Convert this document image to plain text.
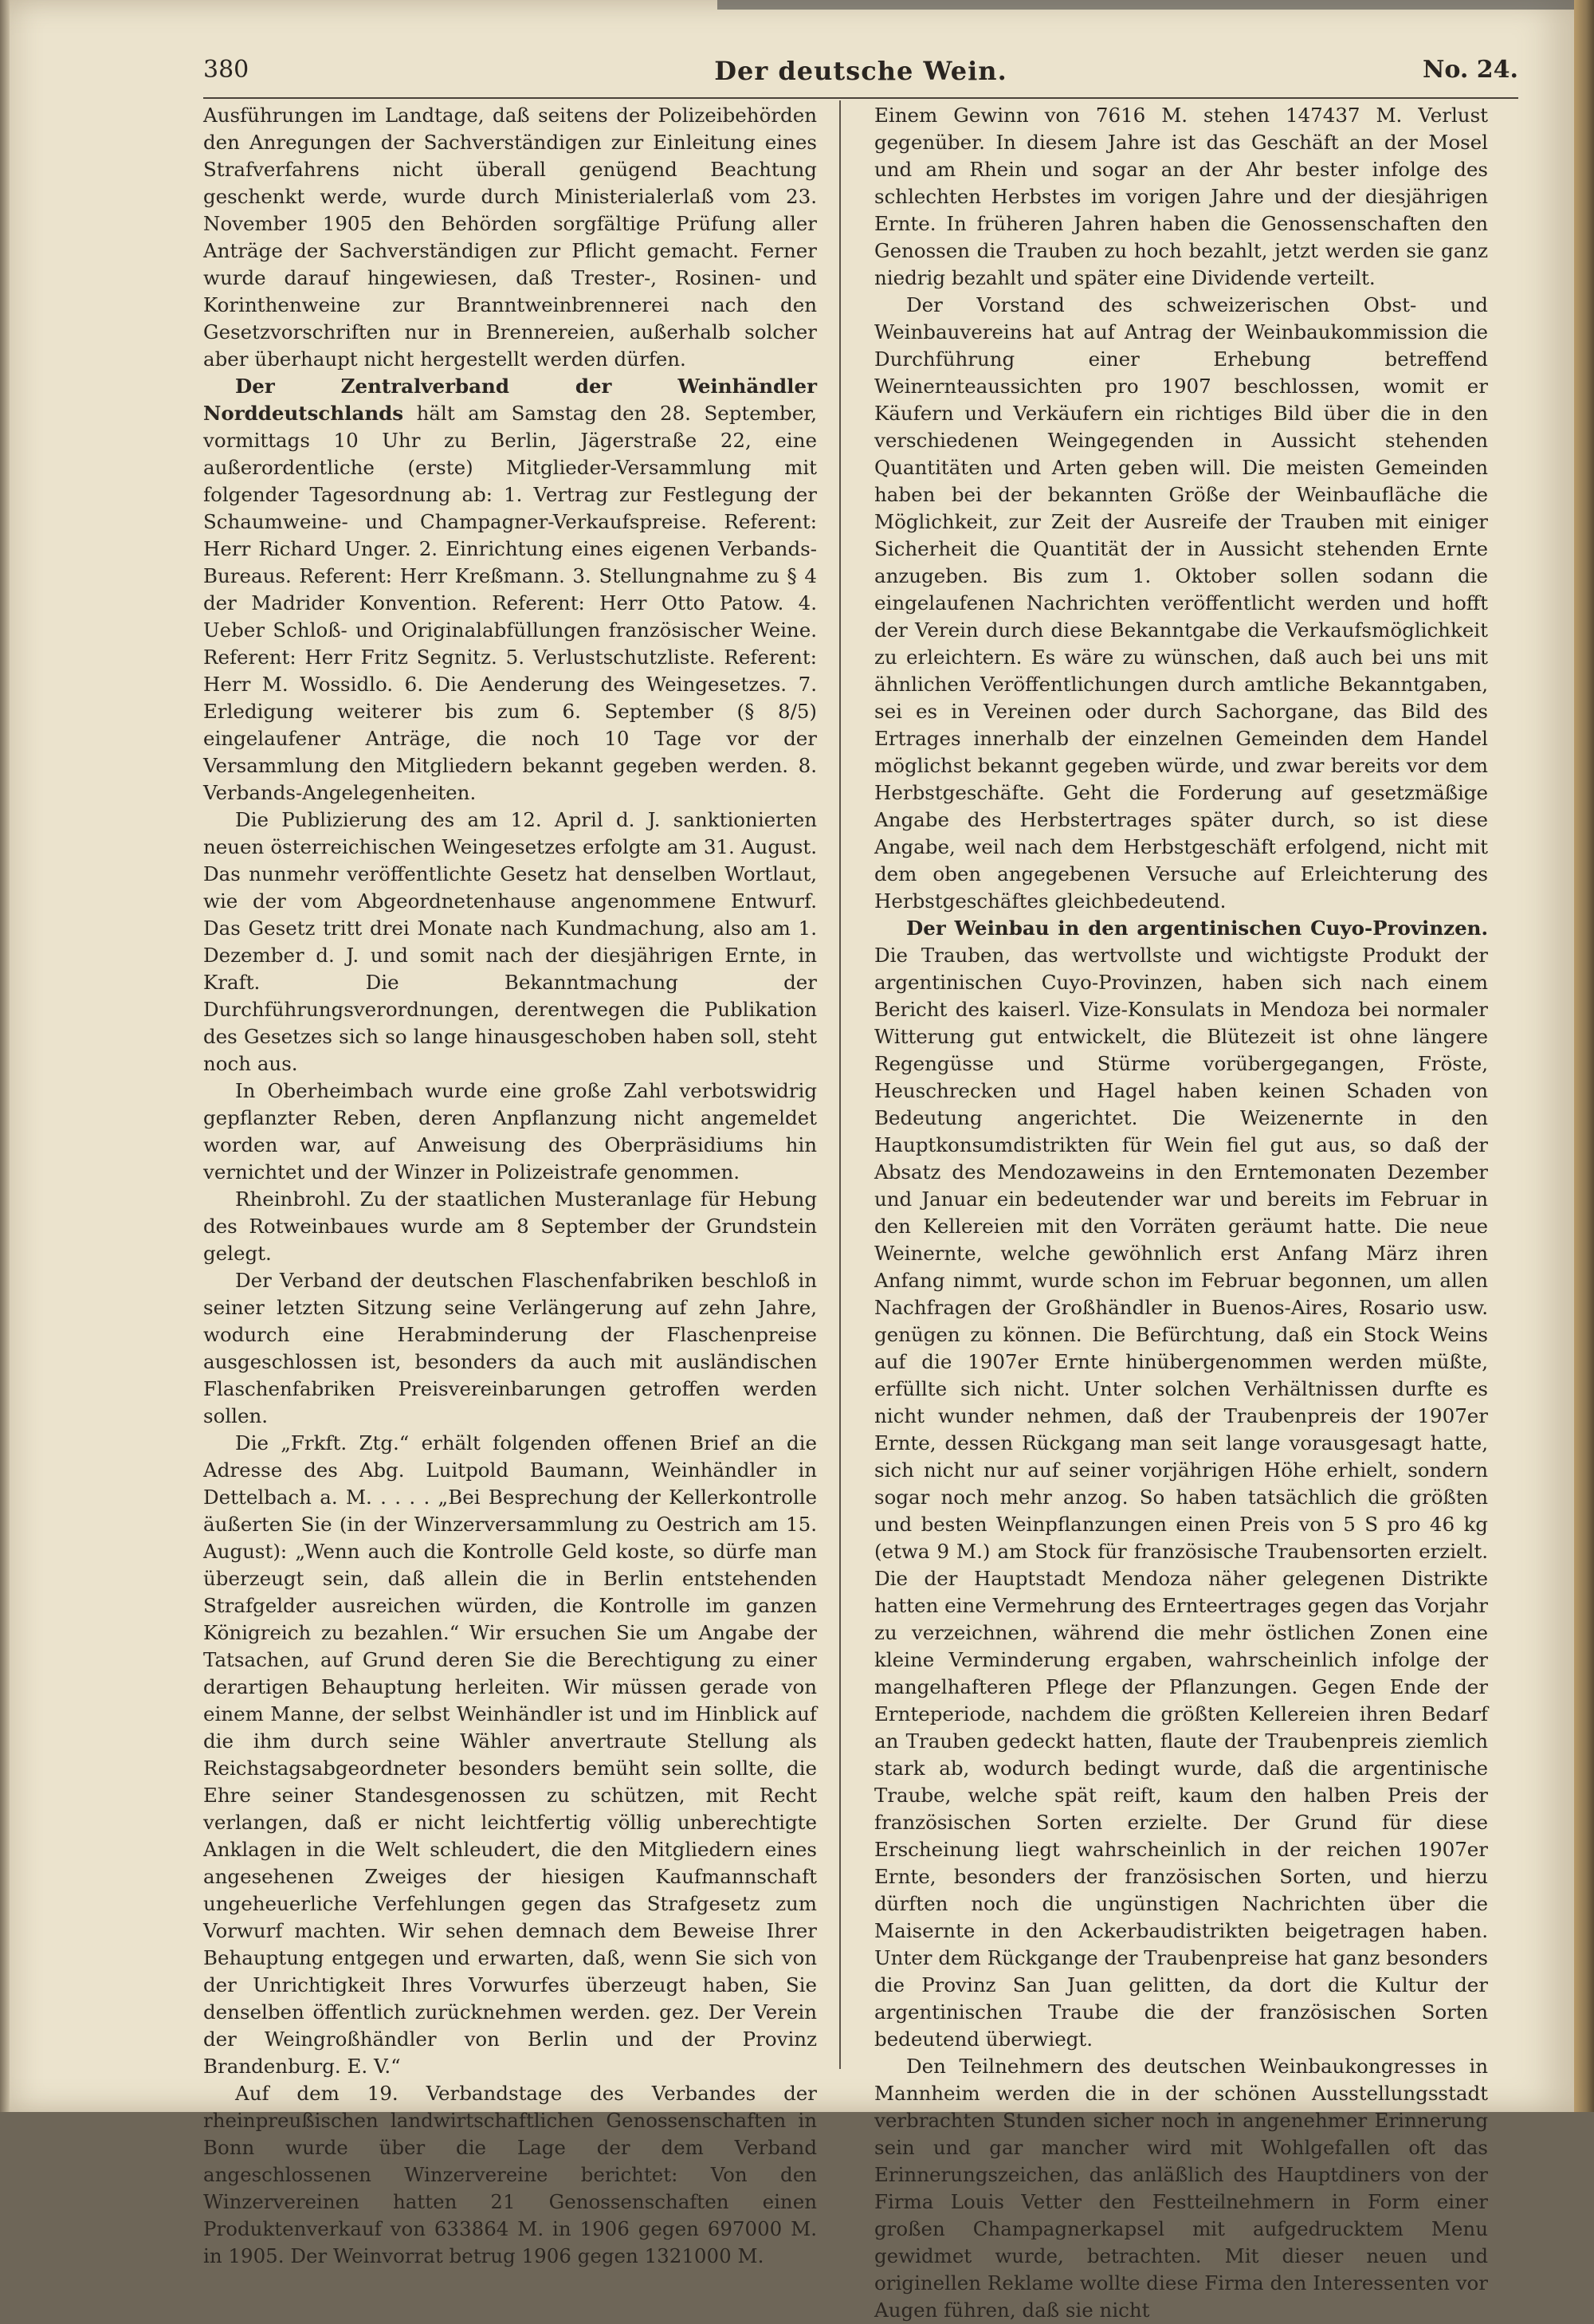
380	Der deutsche Wein.	No. 24.

Ausführungen im Landtage, daß seitens der Polizeibehörden den Anregungen der Sachverständigen zur Einleitung eines Strafverfahrens nicht überall genügend Beachtung geschenkt werde, wurde durch Ministerialerlaß vom 23. November 1905 den Behörden sorgfältige Prüfung aller Anträge der Sachverständigen zur Pflicht gemacht. Ferner wurde darauf hingewiesen, daß Trester-, Rosinen- und Korinthenweine zur Branntweinbrennerei nach den Gesetzvorschriften nur in Brennereien, außerhalb solcher aber überhaupt nicht hergestellt werden dürfen.

Der Zentralverband der Weinhändler Norddeutschlands hält am Samstag den 28. September, vormittags 10 Uhr zu Berlin, Jägerstraße 22, eine außerordentliche (erste) Mitglieder-Versammlung mit folgender Tagesordnung ab: 1. Vertrag zur Festlegung der Schaumweine- und Champagner-Verkaufspreise. Referent: Herr Richard Unger. 2. Einrichtung eines eigenen Verbands-Bureaus. Referent: Herr Kreßmann. 3. Stellungnahme zu § 4 der Madrider Konvention. Referent: Herr Otto Patow. 4. Ueber Schloß- und Originalabfüllungen französischer Weine. Referent: Herr Fritz Segnitz. 5. Verlustschutzliste. Referent: Herr M. Wossidlo. 6. Die Aenderung des Weingesetzes. 7. Erledigung weiterer bis zum 6. September (§ 8/5) eingelaufener Anträge, die noch 10 Tage vor der Versammlung den Mitgliedern bekannt gegeben werden. 8. Verbands-Angelegenheiten.

Die Publizierung des am 12. April d. J. sanktionierten neuen österreichischen Weingesetzes erfolgte am 31. August. Das nunmehr veröffentlichte Gesetz hat denselben Wortlaut, wie der vom Abgeordnetenhause angenommene Entwurf. Das Gesetz tritt drei Monate nach Kundmachung, also am 1. Dezember d. J. und somit nach der diesjährigen Ernte, in Kraft. Die Bekanntmachung der Durchführungsverordnungen, derentwegen die Publikation des Gesetzes sich so lange hinausgeschoben haben soll, steht noch aus.

In Oberheimbach wurde eine große Zahl verbotswidrig gepflanzter Reben, deren Anpflanzung nicht angemeldet worden war, auf Anweisung des Oberpräsidiums hin vernichtet und der Winzer in Polizeistrafe genommen.

Rheinbrohl. Zu der staatlichen Musteranlage für Hebung des Rotweinbaues wurde am 8 September der Grundstein gelegt.

Der Verband der deutschen Flaschenfabriken beschloß in seiner letzten Sitzung seine Verlängerung auf zehn Jahre, wodurch eine Herabminderung der Flaschenpreise ausgeschlossen ist, besonders da auch mit ausländischen Flaschenfabriken Preisvereinbarungen getroffen werden sollen.

Die „Frkft. Ztg.“ erhält folgenden offenen Brief an die Adresse des Abg. Luitpold Baumann, Weinhändler in Dettelbach a. M. . . . . „Bei Besprechung der Kellerkontrolle äußerten Sie (in der Winzerversammlung zu Oestrich am 15. August): „Wenn auch die Kontrolle Geld koste, so dürfe man überzeugt sein, daß allein die in Berlin entstehenden Strafgelder ausreichen würden, die Kontrolle im ganzen Königreich zu bezahlen.“ Wir ersuchen Sie um Angabe der Tatsachen, auf Grund deren Sie die Berechtigung zu einer derartigen Behauptung herleiten. Wir müssen gerade von einem Manne, der selbst Weinhändler ist und im Hinblick auf die ihm durch seine Wähler anvertraute Stellung als Reichstagsabgeordneter besonders bemüht sein sollte, die Ehre seiner Standesgenossen zu schützen, mit Recht verlangen, daß er nicht leichtfertig völlig unberechtigte Anklagen in die Welt schleudert, die den Mitgliedern eines angesehenen Zweiges der hiesigen Kaufmannschaft ungeheuerliche Verfehlungen gegen das Strafgesetz zum Vorwurf machten. Wir sehen demnach dem Beweise Ihrer Behauptung entgegen und erwarten, daß, wenn Sie sich von der Unrichtigkeit Ihres Vorwurfes überzeugt haben, Sie denselben öffentlich zurücknehmen werden. gez. Der Verein der Weingroßhändler von Berlin und der Provinz Brandenburg. E. V.“

Auf dem 19. Verbandstage des Verbandes der rheinpreußischen landwirtschaftlichen Genossenschaften in Bonn wurde über die Lage der dem Verband angeschlossenen Winzervereine berichtet: Von den Winzervereinen hatten 21 Genossenschaften einen Produktenverkauf von 633864 M. in 1906 gegen 697000 M. in 1905. Der Weinvorrat betrug 1906 gegen 1321000 M.

Einem Gewinn von 7616 M. stehen 147437 M. Verlust gegenüber. In diesem Jahre ist das Geschäft an der Mosel und am Rhein und sogar an der Ahr bester infolge des schlechten Herbstes im vorigen Jahre und der diesjährigen Ernte. In früheren Jahren haben die Genossenschaften den Genossen die Trauben zu hoch bezahlt, jetzt werden sie ganz niedrig bezahlt und später eine Dividende verteilt.

Der Vorstand des schweizerischen Obst- und Weinbauvereins hat auf Antrag der Weinbaukommission die Durchführung einer Erhebung betreffend Weinernteaussichten pro 1907 beschlossen, womit er Käufern und Verkäufern ein richtiges Bild über die in den verschiedenen Weingegenden in Aussicht stehenden Quantitäten und Arten geben will. Die meisten Gemeinden haben bei der bekannten Größe der Weinbaufläche die Möglichkeit, zur Zeit der Ausreife der Trauben mit einiger Sicherheit die Quantität der in Aussicht stehenden Ernte anzugeben. Bis zum 1. Oktober sollen sodann die eingelaufenen Nachrichten veröffentlicht werden und hofft der Verein durch diese Bekanntgabe die Verkaufsmöglichkeit zu erleichtern. Es wäre zu wünschen, daß auch bei uns mit ähnlichen Veröffentlichungen durch amtliche Bekanntgaben, sei es in Vereinen oder durch Sachorgane, das Bild des Ertrages innerhalb der einzelnen Gemeinden dem Handel möglichst bekannt gegeben würde, und zwar bereits vor dem Herbstgeschäfte. Geht die Forderung auf gesetzmäßige Angabe des Herbstertrages später durch, so ist diese Angabe, weil nach dem Herbstgeschäft erfolgend, nicht mit dem oben angegebenen Versuche auf Erleichterung des Herbstgeschäftes gleichbedeutend.

Der Weinbau in den argentinischen Cuyo-Provinzen. Die Trauben, das wertvollste und wichtigste Produkt der argentinischen Cuyo-Provinzen, haben sich nach einem Bericht des kaiserl. Vize-Konsulats in Mendoza bei normaler Witterung gut entwickelt, die Blütezeit ist ohne längere Regengüsse und Stürme vorübergegangen, Fröste, Heuschrecken und Hagel haben keinen Schaden von Bedeutung angerichtet. Die Weizenernte in den Hauptkonsumdistrikten für Wein fiel gut aus, so daß der Absatz des Mendozaweins in den Erntemonaten Dezember und Januar ein bedeutender war und bereits im Februar in den Kellereien mit den Vorräten geräumt hatte. Die neue Weinernte, welche gewöhnlich erst Anfang März ihren Anfang nimmt, wurde schon im Februar begonnen, um allen Nachfragen der Großhändler in Buenos-Aires, Rosario usw. genügen zu können. Die Befürchtung, daß ein Stock Weins auf die 1907er Ernte hinübergenommen werden müßte, erfüllte sich nicht. Unter solchen Verhältnissen durfte es nicht wunder nehmen, daß der Traubenpreis der 1907er Ernte, dessen Rückgang man seit lange vorausgesagt hatte, sich nicht nur auf seiner vorjährigen Höhe erhielt, sondern sogar noch mehr anzog. So haben tatsächlich die größten und besten Weinpflanzungen einen Preis von 5 S pro 46 kg (etwa 9 M.) am Stock für französische Traubensorten erzielt. Die der Hauptstadt Mendoza näher gelegenen Distrikte hatten eine Vermehrung des Ernteertrages gegen das Vorjahr zu verzeichnen, während die mehr östlichen Zonen eine kleine Verminderung ergaben, wahrscheinlich infolge der mangelhafteren Pflege der Pflanzungen. Gegen Ende der Ernteperiode, nachdem die größten Kellereien ihren Bedarf an Trauben gedeckt hatten, flaute der Traubenpreis ziemlich stark ab, wodurch bedingt wurde, daß die argentinische Traube, welche spät reift, kaum den halben Preis der französischen Sorten erzielte. Der Grund für diese Erscheinung liegt wahrscheinlich in der reichen 1907er Ernte, besonders der französischen Sorten, und hierzu dürften noch die ungünstigen Nachrichten über die Maisernte in den Ackerbaudistrikten beigetragen haben. Unter dem Rückgange der Traubenpreise hat ganz besonders die Provinz San Juan gelitten, da dort die Kultur der argentinischen Traube die der französischen Sorten bedeutend überwiegt.

Den Teilnehmern des deutschen Weinbaukongresses in Mannheim werden die in der schönen Ausstellungsstadt verbrachten Stunden sicher noch in angenehmer Erinnerung sein und gar mancher wird mit Wohlgefallen oft das Erinnerungszeichen, das anläßlich des Hauptdiners von der Firma Louis Vetter den Festteilnehmern in Form einer großen Champagnerkapsel mit aufgedrucktem Menu gewidmet wurde, betrachten. Mit dieser neuen und originellen Reklame wollte diese Firma den Interessenten vor Augen führen, daß sie nicht
